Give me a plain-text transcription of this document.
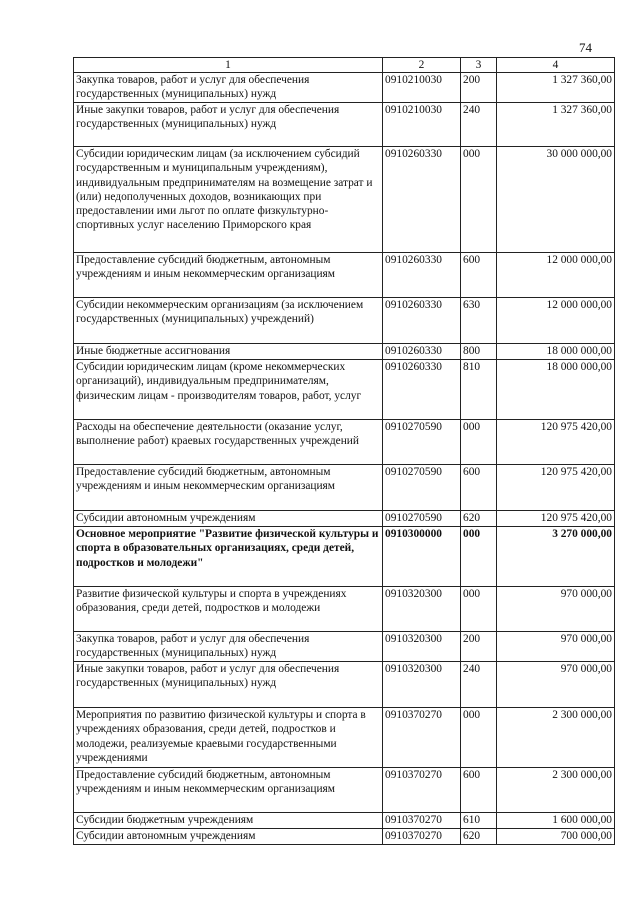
74
1	2	3	4
Закупка товаров, работ и услуг для обеспечения государственных (муниципальных) нужд	0910210030	200	1 327 360,00
Иные закупки товаров, работ и услуг для обеспечения государственных (муниципальных) нужд	0910210030	240	1 327 360,00
Субсидии юридическим лицам (за исключением субсидий государственным и муниципальным учреждениям), индивидуальным предпринимателям на возмещение затрат и (или) недополученных доходов, возникающих при предоставлении ими льгот по оплате физкультурно-спортивных услуг населению Приморского края	0910260330	000	30 000 000,00
Предоставление субсидий бюджетным, автономным учреждениям и иным некоммерческим организациям	0910260330	600	12 000 000,00
Субсидии некоммерческим организациям (за исключением государственных (муниципальных) учреждений)	0910260330	630	12 000 000,00
Иные бюджетные ассигнования	0910260330	800	18 000 000,00
Субсидии юридическим лицам (кроме некоммерческих организаций), индивидуальным предпринимателям, физическим лицам - производителям товаров, работ, услуг	0910260330	810	18 000 000,00
Расходы на обеспечение деятельности (оказание услуг, выполнение работ) краевых государственных учреждений	0910270590	000	120 975 420,00
Предоставление субсидий бюджетным, автономным учреждениям и иным некоммерческим организациям	0910270590	600	120 975 420,00
Субсидии автономным учреждениям	0910270590	620	120 975 420,00
Основное мероприятие "Развитие физической культуры и спорта в образовательных организациях, среди детей, подростков и молодежи"	0910300000	000	3 270 000,00
Развитие физической культуры и спорта в учреждениях образования, среди детей, подростков и молодежи	0910320300	000	970 000,00
Закупка товаров, работ и услуг для обеспечения государственных (муниципальных) нужд	0910320300	200	970 000,00
Иные закупки товаров, работ и услуг для обеспечения государственных (муниципальных) нужд	0910320300	240	970 000,00
Мероприятия по развитию физической культуры и спорта в учреждениях образования, среди детей, подростков и молодежи, реализуемые краевыми государственными учреждениями	0910370270	000	2 300 000,00
Предоставление субсидий бюджетным, автономным учреждениям и иным некоммерческим организациям	0910370270	600	2 300 000,00
Субсидии бюджетным учреждениям	0910370270	610	1 600 000,00
Субсидии автономным учреждениям	0910370270	620	700 000,00
